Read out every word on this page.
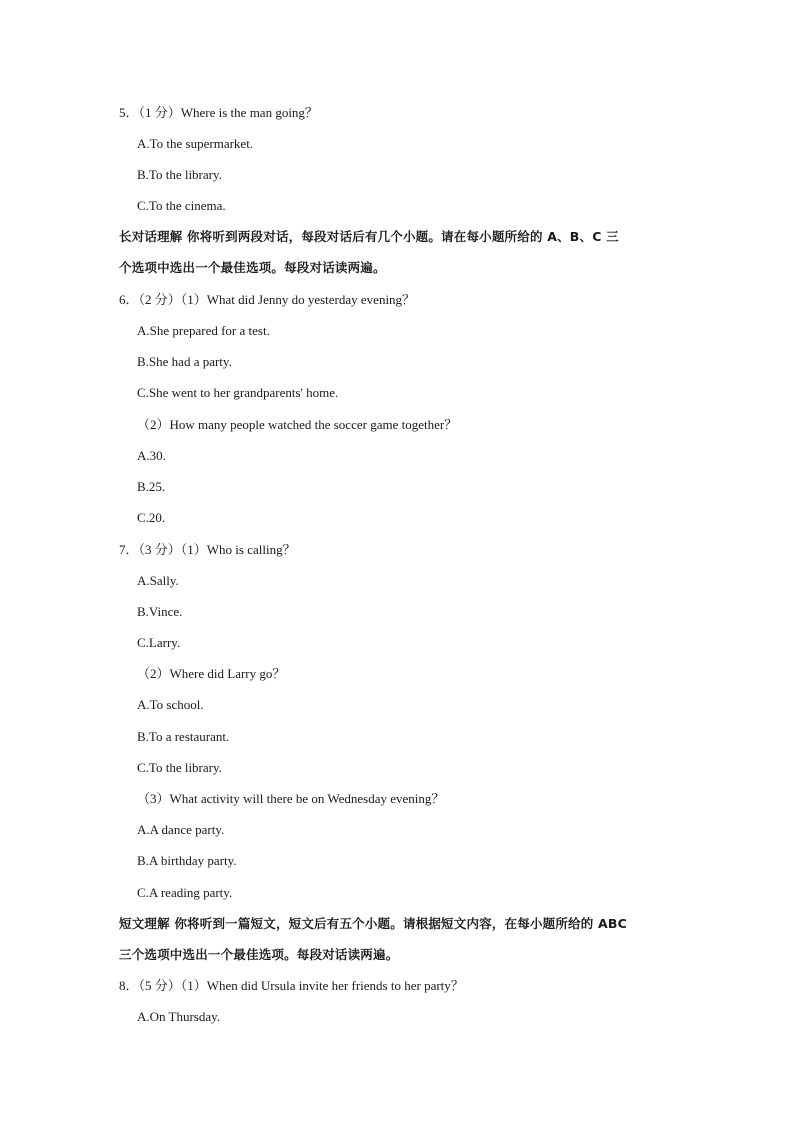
5．（1 分）Where is the man going？
A.To the supermarket.
B.To the library.
C.To the cinema.
长对话理解 你将听到两段对话，每段对话后有几个小题。请在每小题所给的 A、B、C 三
个选项中选出一个最佳选项。每段对话读两遍。
6．（2 分）（1）What did Jenny do yesterday evening？
A.She prepared for a test.
B.She had a party.
C.She went to her grandparents' home.
（2）How many people watched the soccer game together？
A.30.
B.25.
C.20.
7．（3 分）（1）Who is calling？
A.Sally.
B.Vince.
C.Larry.
（2）Where did Larry go？
A.To school.
B.To a restaurant.
C.To the library.
（3）What activity will there be on Wednesday evening？
A.A dance party.
B.A birthday party.
C.A reading party.
短文理解 你将听到一篇短文，短文后有五个小题。请根据短文内容，在每小题所给的 ABC
三个选项中选出一个最佳选项。每段对话读两遍。
8．（5 分）（1）When did Ursula invite her friends to her party？
A.On Thursday.
